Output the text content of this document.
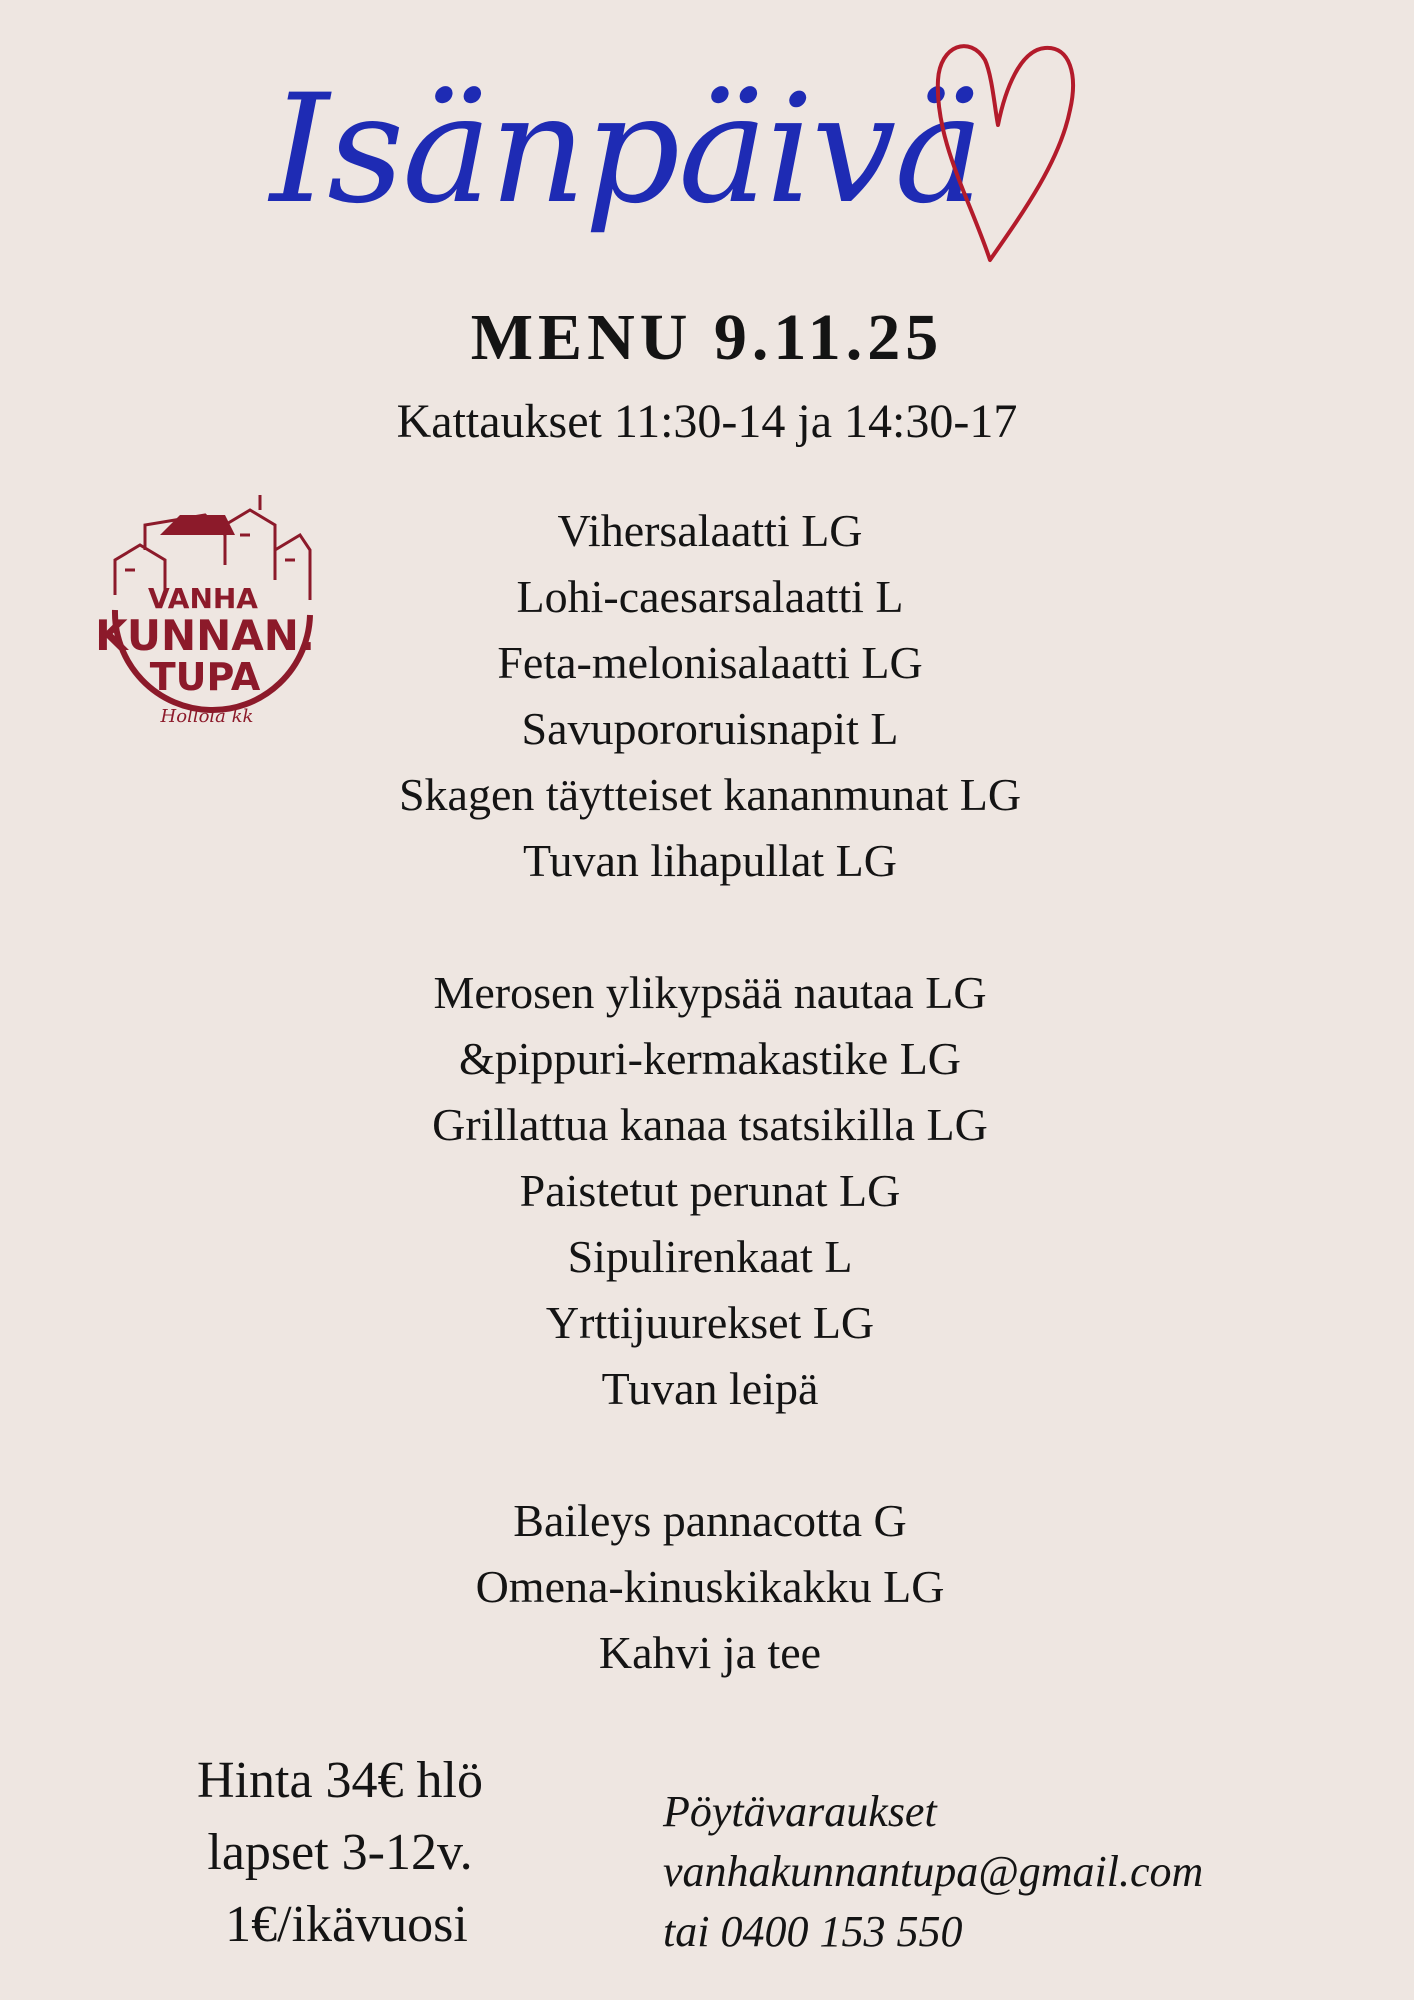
Isänpäivä
MENU 9.11.25
Kattaukset 11:30-14 ja 14:30-17
VANHA
KUNNAN.
TUPA
Hollola kk
Vihersalaatti LG
Lohi-caesarsalaatti L
Feta-melonisalaatti LG
Savupororuisnapit L
Skagen täytteiset kananmunat LG
Tuvan lihapullat LG
Merosen ylikypsää nautaa LG
&pippuri-kermakastike LG
Grillattua kanaa tsatsikilla LG
Paistetut perunat LG
Sipulirenkaat L
Yrttijuurekset LG
Tuvan leipä
Baileys pannacotta G
Omena-kinuskikakku LG
Kahvi ja tee
Hinta 34€ hlö
lapset 3-12v.
1€/ikävuosi
Pöytävaraukset
vanhakunnantupa@gmail.com
tai 0400 153 550
